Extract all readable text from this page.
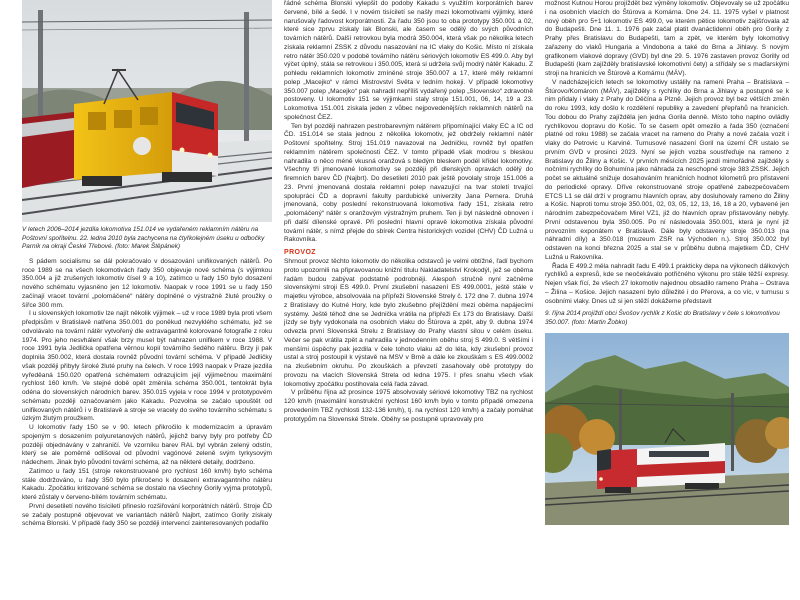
V letech 2006–2014 jezdila lokomotiva 151.014 ve vydařeném reklamním nátěru na Poštovní spořitelnu. 22. ledna 2010 byla zachycena na čtyřkolejném úseku u odbočky Parník na okraji České Třebové. (foto: Marek Štěpánek)

S pádem socialismu se dál pokračovalo v dosazování unifikovaných nátěrů. Po roce 1989 se na všech lokomotivách řady 350 objevuje nové schéma (s výjimkou 350.004 a již zrušených lokomotiv čísel 9 a 10), zatímco u řady 150 bylo dosazení nového schématu vyjasněno jen 12 lokomotiv. Naopak v roce 1991 se u řady 150 začínají vracet tovární „polomáčené“ nátěry doplněné o výstražně žluté proužky o šířce 300 mm.

I u slovenských lokomotiv lze najít několik výjimek – už v roce 1989 byla proti všem předpisům v Bratislavě natřena 350.001 do poněkud nezvyklého schématu, jež se odvolávalo na tovární nátěr vytvořený dle extravagantně kolorované fotografie z roku 1974. Pro jeho nesvhálení však brzy musel být nahrazen unifikem v roce 1988. V roce 1991 byla Jedlička opatřena věrnou kopií továrního šedého nátěru. Brzy ji pak doplnila 350.002, která dostala rovněž původní tovární schéma. V případě Jedličky však později přibyly široké žluté pruhy na čelech. V roce 1993 naopak v Praze jezdila vyředěaná 150.020 opatřená schématem odrazujícím její výjimečnou maximální rychlost 160 km/h. Ve stejné době opět změnila schéma 350.001, tentokrát byla odéna do slovenských národních barev. 350.015 vyjela v roce 1994 v prototypovém schématu později označovaném jako Kakadu. Pozvolna se začalo upouštět od unifikovaných nátěrů i v Bratislavě a stroje se vracely do svého továrního schématu s úzkým žlutým proužkem.

U lokomotiv řady 150 se v 90. letech přikročilo k modernizacím a úpravám spojeným s dosazením polyuretanových nátěrů, jejichž barvy byly pro potřeby ČD později objednávány v zahraničí. Ve vzorníku barev RAL byl vybrán zelený odstín, který se ale poměrně odlišoval od původní vagónové zeleně svým tyrkysovým nádechem. Jinak bylo původní tovární schéma, až na některé detaily, dodrženo.

Zatímco u řady 151 (stroje rekonstruované pro rychlost 160 km/h) bylo schéma stále dodržováno, u řady 350 bylo přikročeno k dosazení extravagantního nátěru Kakadu. Zpočátku kritizované schéma se dostalo na všechny Gorily vyjma prototypů, které zůstaly v červeno-bílém továrním schématu.

První desetiletí nového tisíciletí přineslo rozšiřování korporátních nátěrů. Stroje ČD se začaly postupně objevovat ve variantách nátěrů Najbrt, zatímco Gorily získaly schéma Blonski. V případě řady 350 se později intervencí zainteresovaných podařilo

řádné schéma Blonski vylepšit do podoby Kakadu s využitím korporátních barev červené, bílé a šedé. I v novém tisíciletí se našly mezi lokomotivami výjimky, které narušovaly řadovost korporátnosti. Za řadu 350 jsou to oba prototypy 350.001 a 02, které sice zprvu získaly lak Blonski, ale časem se odělý do svých původních továrních nátěrů. Další retrovkou byla modrá 350.004, která však po několika letech získala reklamní ZSSK z důvodu nasazování na IC vlaky do Košic. Místo ní získala retro nátěr 350.020 v podobě továrního nátěru sériových lokomotiv ES 499.0. Aby byl výčet úplný, stála se retrovkou i 350.005, která si udržela svůj modrý nátěr Kakadu. Z pohledu reklamních lokomotiv zmíněné stroje 350.007 a 17, které měly reklamní polep „Macejko“ v rámci Mistrovství Světa v ledním hokeji. V případě lokomotivy 350.007 polep „Macejko“ pak nahradil nepříliš vydařený polep „Slovensko“ zdravotně postoveny. U lokomotiv 151 se výjimkami staly stroje 151.001, 06, 14, 19 a 23. Lokomotiva 151.001 získala jeden z vůbec nejpovedenějších reklamních nátěrů na společnost ČEZ.

Ten byl později nahrazen pestrobarevným nátěrem připomínající vlaky EC a IC od ČD. 151.014 se stala jednou z několika lokomotiv, jež obdržely reklamní nátěr Poštovní spořitelny. Stroj 151.019 navazoval na Jedničku, rovněž byl opatřen reklamním nátěrem společnosti ČEZ. V tomto případě však modrou s bleskou nahradila o něco méně vkusná oranžová s bledým bleskem podél křídel lokomotivy. Všechny tři jmenované lokomotivy se později při dlenských opravách odělý do firemních barev ČD (Najbrt). Do desetiletí 2010 pak ještě povolaly stroje 151.006 a 23. První jmenovaná dostala reklamní polep navazující na tvar století trvající spolupráci ČD a dopravní fakulty pardubické univerzity Jana Pernera. Druhá jmenovaná, coby poslední rekonstruovaná lokomotiva řady 151, získala retro „polomáčený“ nátěr s oranžovým výstražným pruhem. Ten ji byl následně obnoven i při další dílenské opravě. Při poslední hlavní opravě lokomotiva získala původní tovární nátěr, s nímž přejde do sbírek Centra historických vozidel (CHV) ČD Lužná u Rakovníka.

PROVOZ

Shrnout provoz těchto lokomotiv do několika odstavců je velmi obtížné, řadí bychom proto upozornili na připravovanou knižní titulu Nakladatelství Krokodýl, jež se oběma řadám budou zabývat podstatně podrobněji. Alespoň stručně nyní začněme slovenskými stroji ES 499.0. První zkušební nasazení ES 499.0001, ještě stále v majetku výrobce, absolvovala na přípřeži Slovenské Strely č. 172 dne 7. dubna 1974 z Bratislavy do Kutné Hory, kde bylo zkušebno přejíždění mezi oběma napájecími systémy. Ještě téhož dne se Jednička vrátila na přípřeži Ex 173 do Bratislavy. Další jízdy se byly vydokonala na osobních vlaku do Štúrova a zpět, aby 9. dubna 1974 odvezla první Slovenská Strelu z Bratislavy do Prahy vlastní silou v celém úseku. Večer se pak vrátila zpět a nahradila v jednodenním oběhu stroj S 499.0. S většími i menšími úspěchy pak jezdila v čele tohoto vlaku až do léta, kdy zkušební provoz ustal a stroj postoupil k výstavě na MSV v Brně a dále ke zkouškám s ES 499.0002 na zkušebním okruhu. Po zkouškách a převzetí zasahovaly obě prototypy do provozu na vlacích Slovenská Strela od ledna 1975. I přes snahu všech však lokomotivy zpočátku postihovala celá řada závad.

V průběhu října až prosince 1975 absolvovaly sériové lokomotivy TBZ na rychlost 120 km/h (maximální konstrukční rychlost 160 km/h bylo v tomto případě omezena provedením TBZ rychlosti 132-136 km/h), tj. na rychlost 120 km/h) a začaly pomáhat prototypům na Slovenské Strele. Oběhy se postupně upravovaly pro

možnost Kutnou Horou projíždět bez výměny lokomotiv. Objevovaly se už zpočátku i na osobních vlacích do Štúrova a Komárna. Dne 24. 11. 1975 vyšel v platnost nový oběh pro 5+1 lokomotiv ES 499.0, ve kterém pětice lokomotiv zajišťovala až do Budapešti. Dne 11. 1. 1976 pak začal platit dvanáctidenní oběh pro Gorily z Prahy přes Bratislavu do Budapešti, tam a zpět, ve kterém byly lokomotivy zařazeny do vlaků Hungaria a Vindobona a také do Brna a Jihlavy. S novým grafikonem vlakové dopravy (GVD) byl dne 29. 5. 1976 zastaven provoz Gorilly od Budapešti (kam zajížděly bratislavské lokomotivní čety) a střídaly se s maďarskými stroji na hranicích ve Štúrově a Komárnu (MÁV).

V nadcházejících letech se lokomotivy ustálily na rameni Praha – Bratislava – Štúrovo/Komárom (MÁV), zajížděly s rychlíky do Brna a Jihlavy a postupně se k nim přidaly i vlaky z Prahy do Děčína a Plzně. Jejich provoz byl bez větších změn do roku 1993, kdy došlo k rozdělení republiky a zavedení přepřahů na hranicích. Tou dobou do Prahy zajížděla jen jedna Gorila denně. Místo toho naplno ovládly rychlíkovou dopravu do Košic. To se časem opět omezilo a řada 350 (označení platné od roku 1988) se začala vracet na rameno do Prahy a nové začala vozit i vlaky do Petrovic u Karviné. Turnusové nasazení Goril na území ČR ustalo se prvním GVD v prosinci 2023. Nyní se jejich vozba soustřeďuje na rameno z Bratislavy do Žiliny a Košic. V prvních měsících 2025 jezdí mimořádně zajížděly s nočními rychlíky do Bohumína jako náhrada za neschopné stroje 383 ZSSK. Jejich počet se aktuálně snižuje dosahováním hraničních hodnot kilometrů pro přistavení do periodické opravy. Dříve rekonstruované stroje opatřené zabezpečovačem ETCS L1 se dál drží v programu hlavních oprav, aby dosluhovaly rameno do Žiliny a Košic. Naproti tomu stroje 350.001, 02, 03, 05, 12, 13, 16, 18 a 20, vybavené jen národním zabezpečovačem Mirel VZ1, již do hlavních oprav přistavovány nebyly. První odstavenou byla 350.005. Po ní následovala 350.001, která je nyní již provozním exponátem v Bratislavě. Dále byly odstaveny stroje 350.013 (na náhradní díly) a 350.018 (muzeum ZSR na Východen n.). Stroj 350.002 byl odstaven na konci března 2025 a stal se v průběhu dubna majetkem ČD, CHV Lužná u Rakovníka.

Řada E 499.2 měla nahradit řadu E 499.1 prakticky depa na výkonech dálkových rychlíků a expresů, kde se neočekávalo potřičného výkonu pro stále těžší expresy. Nejen však fící, že všech 27 lokomotiv najednou obsadilo rameno Praha – Ostrava – Žilina – Košice. Jejich nasazení bylo důležité i do Přerova, a co víc, v turnusu s osobními vlaky. Dnes už si jen stěží dokážeme představit

9. října 2014 projíždí obci Švošov rychlík z Košic do Bratislavy v čele s lokomotivou 350.007. (foto: Martin Žobko)
